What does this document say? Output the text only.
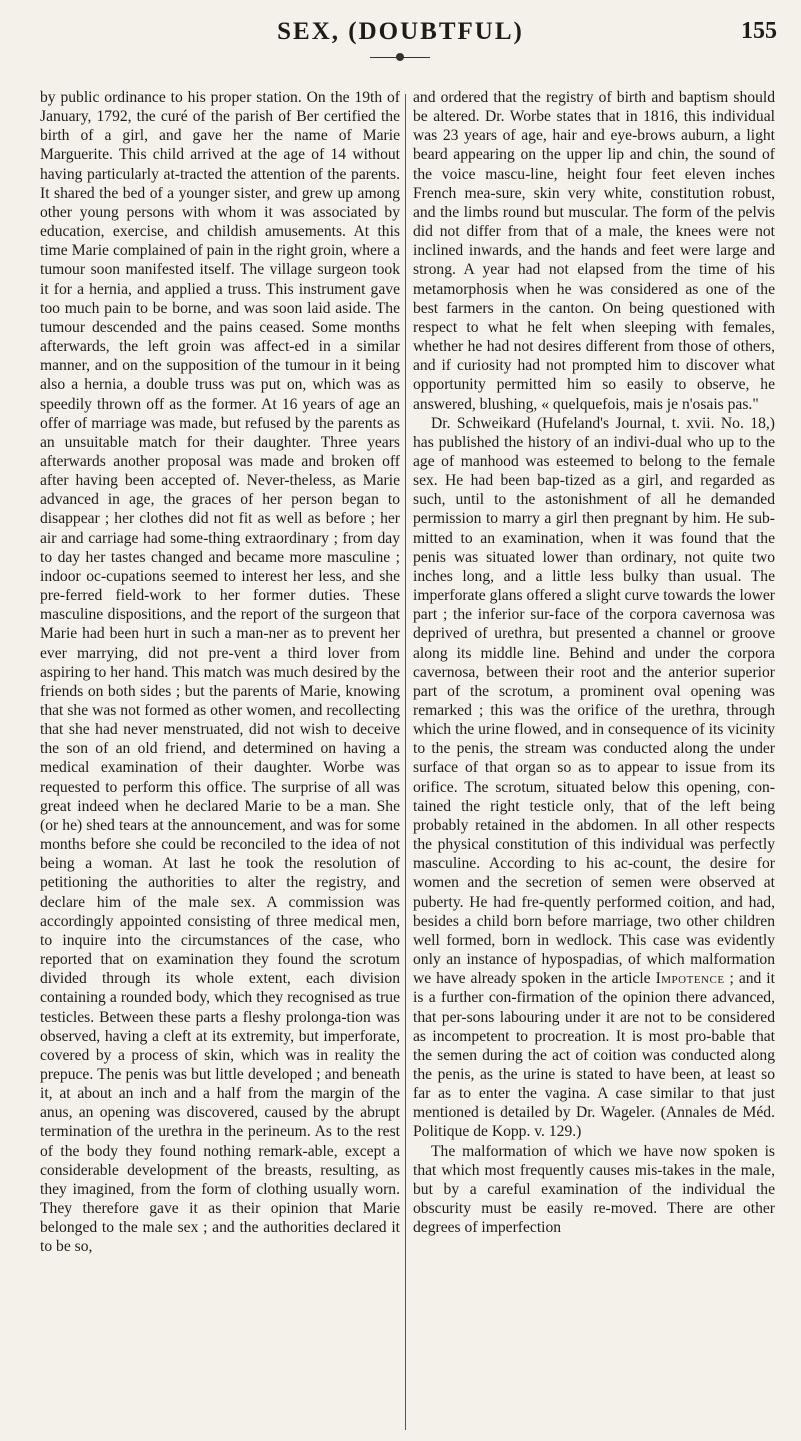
SEX, (DOUBTFUL)	155

by public ordinance to his proper station. On the 19th of January, 1792, the curé of the parish of Ber certified the birth of a girl, and gave her the name of Marie Marguerite. This child arrived at the age of 14 without having particularly at-tracted the attention of the parents. It shared the bed of a younger sister, and grew up among other young persons with whom it was associated by education, exercise, and childish amusements. At this time Marie complained of pain in the right groin, where a tumour soon manifested itself. The village surgeon took it for a hernia, and applied a truss. This instrument gave too much pain to be borne, and was soon laid aside. The tumour descended and the pains ceased. Some months afterwards, the left groin was affect-ed in a similar manner, and on the supposition of the tumour in it being also a hernia, a double truss was put on, which was as speedily thrown off as the former. At 16 years of age an offer of marriage was made, but refused by the parents as an unsuitable match for their daughter. Three years afterwards another proposal was made and broken off after having been accepted of. Never-theless, as Marie advanced in age, the graces of her person began to disappear ; her clothes did not fit as well as before ; her air and carriage had some-thing extraordinary ; from day to day her tastes changed and became more masculine ; indoor oc-cupations seemed to interest her less, and she pre-ferred field-work to her former duties. These masculine dispositions, and the report of the surgeon that Marie had been hurt in such a man-ner as to prevent her ever marrying, did not pre-vent a third lover from aspiring to her hand. This match was much desired by the friends on both sides ; but the parents of Marie, knowing that she was not formed as other women, and recollecting that she had never menstruated, did not wish to deceive the son of an old friend, and determined on having a medical examination of their daughter. Worbe was requested to perform this office. The surprise of all was great indeed when he declared Marie to be a man. She (or he) shed tears at the announcement, and was for some months before she could be reconciled to the idea of not being a woman. At last he took the resolution of petitioning the authorities to alter the registry, and declare him of the male sex. A commission was accordingly appointed consisting of three medical men, to inquire into the circumstances of the case, who reported that on examination they found the scrotum divided through its whole extent, each division containing a rounded body, which they recognised as true testicles. Between these parts a fleshy prolonga-tion was observed, having a cleft at its extremity, but imperforate, covered by a process of skin, which was in reality the prepuce. The penis was but little developed ; and beneath it, at about an inch and a half from the margin of the anus, an opening was discovered, caused by the abrupt termination of the urethra in the perineum. As to the rest of the body they found nothing remark-able, except a considerable development of the breasts, resulting, as they imagined, from the form of clothing usually worn. They therefore gave it as their opinion that Marie belonged to the male sex ; and the authorities declared it to be so,

and ordered that the registry of birth and baptism should be altered. Dr. Worbe states that in 1816, this individual was 23 years of age, hair and eye-brows auburn, a light beard appearing on the upper lip and chin, the sound of the voice mascu-line, height four feet eleven inches French mea-sure, skin very white, constitution robust, and the limbs round but muscular. The form of the pelvis did not differ from that of a male, the knees were not inclined inwards, and the hands and feet were large and strong. A year had not elapsed from the time of his metamorphosis when he was considered as one of the best farmers in the canton. On being questioned with respect to what he felt when sleeping with females, whether he had not desires different from those of others, and if curiosity had not prompted him to discover what opportunity permitted him so easily to observe, he answered, blushing, « quelquefois, mais je n'osais pas."

Dr. Schweikard (Hufeland's Journal, t. xvii. No. 18,) has published the history of an indivi-dual who up to the age of manhood was esteemed to belong to the female sex. He had been bap-tized as a girl, and regarded as such, until to the astonishment of all he demanded permission to marry a girl then pregnant by him. He sub-mitted to an examination, when it was found that the penis was situated lower than ordinary, not quite two inches long, and a little less bulky than usual. The imperforate glans offered a slight curve towards the lower part ; the inferior sur-face of the corpora cavernosa was deprived of urethra, but presented a channel or groove along its middle line. Behind and under the corpora cavernosa, between their root and the anterior superior part of the scrotum, a prominent oval opening was remarked ; this was the orifice of the urethra, through which the urine flowed, and in consequence of its vicinity to the penis, the stream was conducted along the under surface of that organ so as to appear to issue from its orifice. The scrotum, situated below this opening, con-tained the right testicle only, that of the left being probably retained in the abdomen. In all other respects the physical constitution of this individual was perfectly masculine. According to his ac-count, the desire for women and the secretion of semen were observed at puberty. He had fre-quently performed coition, and had, besides a child born before marriage, two other children well formed, born in wedlock. This case was evidently only an instance of hypospadias, of which malformation we have already spoken in the article Impotence ; and it is a further con-firmation of the opinion there advanced, that per-sons labouring under it are not to be considered as incompetent to procreation. It is most pro-bable that the semen during the act of coition was conducted along the penis, as the urine is stated to have been, at least so far as to enter the vagina. A case similar to that just mentioned is detailed by Dr. Wageler. (Annales de Méd. Politique de Kopp. v. 129.)

The malformation of which we have now spoken is that which most frequently causes mis-takes in the male, but by a careful examination of the individual the obscurity must be easily re-moved. There are other degrees of imperfection
